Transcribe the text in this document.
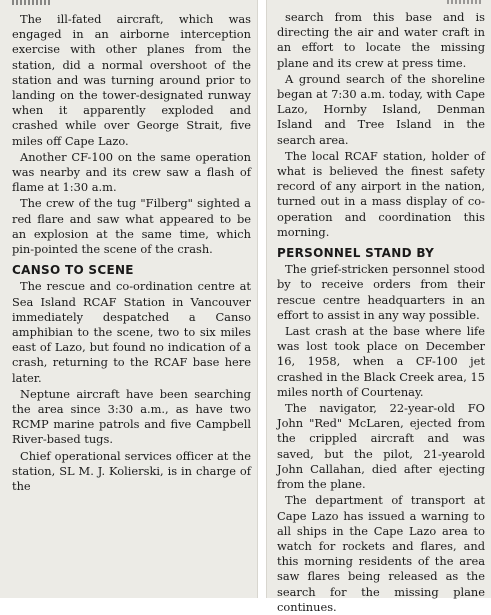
The ill-fated aircraft, which was engaged in an airborne interception exercise with other planes from the station, did a normal overshoot of the station and was turning around prior to landing on the tower-designated runway when it apparently exploded and crashed while over George Strait, five miles off Cape Lazo.

Another CF-100 on the same operation was nearby and its crew saw a flash of flame at 1:30 a.m.

The crew of the tug "Filberg" sighted a red flare and saw what appeared to be an explosion at the same time, which pin-pointed the scene of the crash.

CANSO TO SCENE

The rescue and co-ordination centre at Sea Island RCAF Station in Vancouver immediately despatched a Canso amphibian to the scene, two to six miles east of Lazo, but found no indication of a crash, returning to the RCAF base here later.

Neptune aircraft have been searching the area since 3:30 a.m., as have two RCMP marine patrols and five Campbell River-based tugs.

Chief operational services officer at the station, SL M. J. Kolierski, is in charge of the

search from this base and is directing the air and water craft in an effort to locate the missing plane and its crew at press time.

A ground search of the shoreline began at 7:30 a.m. today, with Cape Lazo, Hornby Island, Denman Island and Tree Island in the search area.

The local RCAF station, holder of what is believed the finest safety record of any airport in the nation, turned out in a mass display of co-operation and coordination this morning.

PERSONNEL STAND BY

The grief-stricken personnel stood by to receive orders from their rescue centre headquarters in an effort to assist in any way possible.

Last crash at the base where life was lost took place on December 16, 1958, when a CF-100 jet crashed in the Black Creek area, 15 miles north of Courtenay.

The navigator, 22-year-old FO John "Red" McLaren, ejected from the crippled aircraft and was saved, but the pilot, 21-yearold John Callahan, died after ejecting from the plane.

The department of transport at Cape Lazo has issued a warning to all ships in the Cape Lazo area to watch for rockets and flares, and this morning residents of the area saw flares being released as the search for the missing plane continues.
